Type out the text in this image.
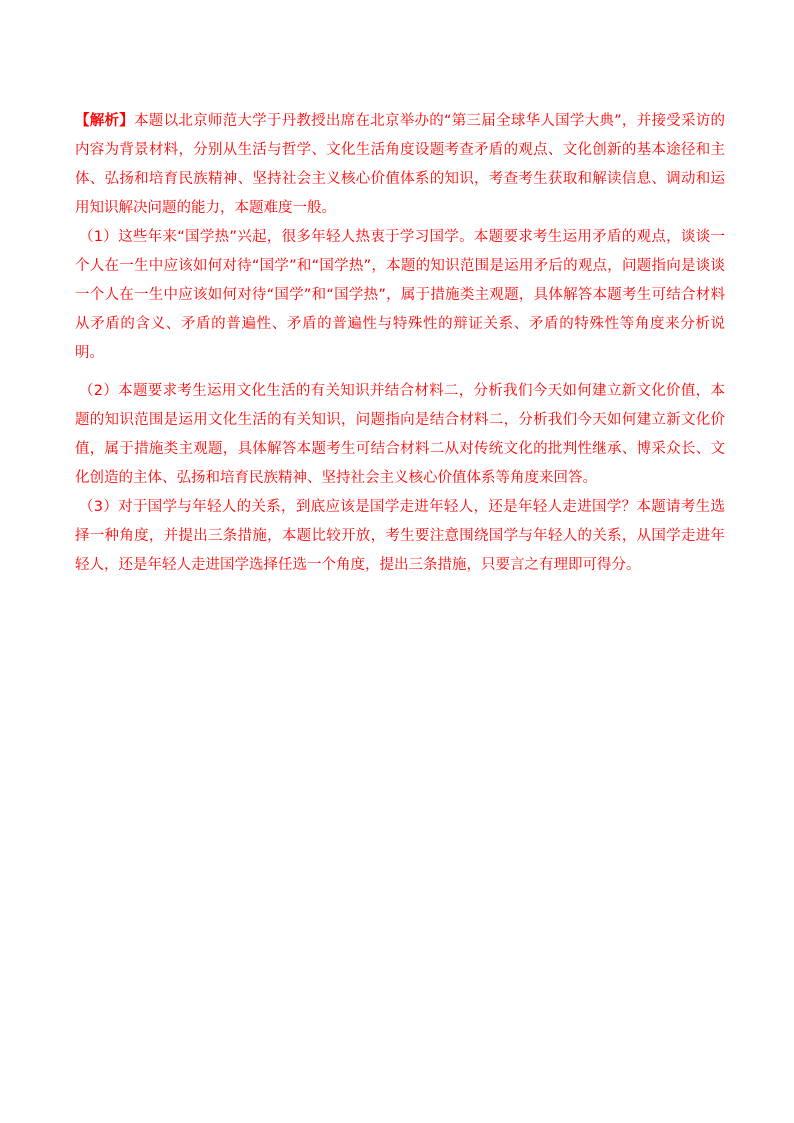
【解析】本题以北京师范大学于丹教授出席在北京举办的“第三届全球华人国学大典”，并接受采访的内容为背景材料，分别从生活与哲学、文化生活角度设题考查矛盾的观点、文化创新的基本途径和主体、弘扬和培育民族精神、坚持社会主义核心价值体系的知识，考查考生获取和解读信息、调动和运用知识解决问题的能力，本题难度一般。

（1）这些年来“国学热”兴起，很多年轻人热衷于学习国学。本题要求考生运用矛盾的观点，谈谈一个人在一生中应该如何对待“国学”和“国学热”，本题的知识范围是运用矛后的观点，问题指向是谈谈一个人在一生中应该如何对待“国学”和“国学热”，属于措施类主观题，具体解答本题考生可结合材料从矛盾的含义、矛盾的普遍性、矛盾的普遍性与特殊性的辩证关系、矛盾的特殊性等角度来分析说明。

（2）本题要求考生运用文化生活的有关知识并结合材料二，分析我们今天如何建立新文化价值，本题的知识范围是运用文化生活的有关知识，问题指向是结合材料二，分析我们今天如何建立新文化价值，属于措施类主观题，具体解答本题考生可结合材料二从对传统文化的批判性继承、博采众长、文化创造的主体、弘扬和培育民族精神、坚持社会主义核心价值体系等角度来回答。

（3）对于国学与年轻人的关系，到底应该是国学走进年轻人，还是年轻人走进国学？本题请考生选择一种角度，并提出三条措施，本题比较开放，考生要注意围绕国学与年轻人的关系，从国学走进年轻人，还是年轻人走进国学选择任选一个角度，提出三条措施，只要言之有理即可得分。
